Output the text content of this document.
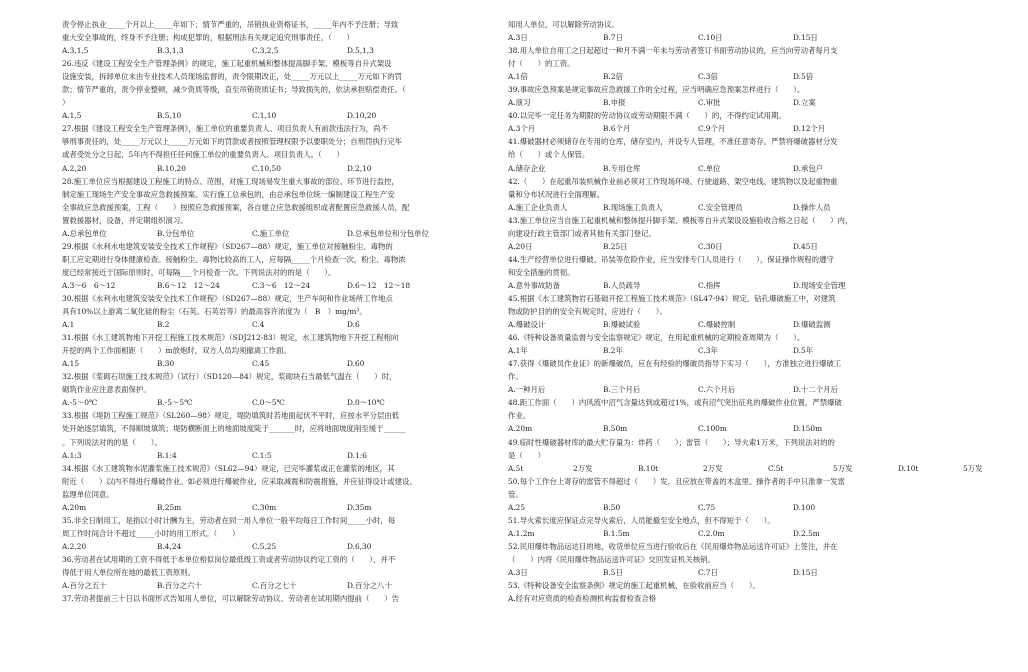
责令停止执业_____个月以上_____年如下；情节严重的，吊销执业资格证书，_____年内不予注册；导致
重大安全事故的，终身不予注册；构成犯罪的，根据刑法有关规定追究刑事责任。（　　）
A.3,1,5	B.3,1,3	C.3,2,5	D.5,1,3
26.违反《建设工程安全生产管理条例》的规定，施工起重机械和整体提高脚手架、模板等自升式架设
设施安装，拆卸单位未由专业技术人员现场监督的，责令限期改正，处_____万元以上_____万元如下的罚
款；情节严重的，责令停业整顿，减少资质等级，直至吊销资质证书；导致损失的，依法承担赔偿责任。（
）
A.1,5	B.5,10	C.1,10	D.10,20
27.根据《建设工程安全生产管理条例》，施工单位的重要负责人、项目负责人有前款违法行为，尚不
够刑事责任的，处_____万元以上_____万元如下的罚款或者按照管理权限予以要职处分；自刑罚执行完毕
或者受处分之日起，5年内不得担任任何施工单位的重要负责人、项目负责人。（　　）
A.2,20	B.10,20	C.10,50	D.2,10
28.施工单位应当根据建设工程施工的特点、范围，对施工现场易发生重大事故的部位、环节进行监控，
制定施工现场生产安全事故应急救援预案。实行施工总承包的，由总承包单位统一编制建设工程生产安
全事故应急救援预案，工程（　　）按照应急救援预案，各自建立应急救援组织或者配置应急救援人员，配
置救援器材，设备，并定期组织演习。
A.总承包单位	B.分包单位	C.施工单位	D.总承包单位和分包单位
29.根据《水利水电建筑安装安全技术工作规程》（SD267—88）规定，施工单位对接触粉尘、毒物的
职工应定期进行身体健康检查。接触粉尘、毒物比较高的工人，应每隔_____个月检查一次，粉尘、毒物浓
度已经常接近于国际原则时，可每隔___个月检查一次。下列说法对的的是（　　）。
A.3～6　6～12	B.6～12　12～24	C.3～6　12～24	D.6～12　12～18
30.根据《水利水电建筑安装安全技术工作规程》（SD267—88）规定，生产车间和作业场所工作地点
具有10%以上游离二氧化硅的粉尘（石英、石英岩等）的最高容许浓度为（　B　）mg/m³。
A.1	B.2	C.4	D.6
31.根据《水工建筑物地下开挖工程施工技术规范》（SDJ212-83）规定，水工建筑物地下开挖工程相向
开挖的两个工作面相距（　　）m放炮时，双方人员均须撤离工作面。
A.15	B.30	C.45	D.60
32.根据《浆砌石坝施工技术规范》（试行）（SD120—84）规定，浆砌块石当最低气温在（　　）时，
砌筑作业应注意表面保护。
A.-5～0℃	B.-5～5℃	C.0～5℃	D.0～10℃
33.根据《堤防工程施工规范》（SL260—98）规定，堤防填筑时若地面起伏不平时，应按水平分层由低
处开始逐层填筑，不得顺坡填筑；堤防横断面上的地面坡度陡于_______时，应将地面坡度削至缓于______
。下列说法对的的是（　　）。
A.1:3	B.1:4	C.1:5	D.1:6
34.根据《水工建筑物水泥灌浆施工技术规范》（SL62—94）规定，已完毕灌浆或正在灌浆的地区，其
附近（　　）以内不得进行爆破作业。如必须进行爆破作业，应采取减震和防震措施，并应征得设计或建设、
监理单位同意。
A.20m	B.25m	C.30m	D.35m
35.非全日制用工，是指以小时计酬为主，劳动者在同一用人单位一般平均每日工作时间_____小时，每
周工作时间合计不超过_____小时的用工形式。（　　）
A.2,20	B.4,24	C.5,25	D.6,30
36.劳动者在试用期的工资不得低于本单位相似岗位最低级工资或者劳动协议约定工资的（　　），并不
得低于用人单位所在地的最低工资原则。
A.百分之五十	B.百分之六十	C.百分之七十	D.百分之八十
37.劳动者提前三十日以书面形式告知用人单位，可以解除劳动协议。劳动者在试用期内提前（　　）告
知用人单位，可以解除劳动协议。
A.3日	B.7日	C.10日	D.15日
38.用人单位自用工之日起超过一种月不满一年未与劳动者签订书面劳动协议的，应当向劳动者每月支
付（　　）的工资。
A.1倍	B.2倍	C.3倍	D.5倍
39.事故应急预案是规定事故应急救援工作的全过程，应当明确应急预案怎样进行（　　）。
A.演习	B.申报	C.审批	D.立案
40.以完毕一定任务为期限的劳动协议或劳动期限不满（　　）的，不得约定试用期。
A.3个月	B.6个月	C.9个月	D.12个月
41.爆破器材必须储存在专用的仓库，储存室内，并设专人管理，不准任意寄存。严禁将爆破器材分发
给（　　）或个人保管。
A.储存企业	B.专用仓库	C.单位	D.承包户
42.（　　）在起重吊装机械作业前必须对工作现场环境、行驶道路、架空电线、建筑物以及起重物重
量和分布状况进行全面理解。
A.施工企业负责人	B.现场施工负责人	C.安全管理员	D.操作人员
43.施工单位应当自施工起重机械和整体提升脚手架、模板等自升式架设设施验收合格之日起（　　）内，
向建设行政主管部门或者其他有关部门登记。
A.20日	B.25日	C.30日	D.45日
44.生产经营单位进行爆破、吊装等危险作业，应当安排专门人员进行（　　），保证操作规程的遵守
和安全措施的贯彻。
A.意外事故防备	B.人员疏导	C.指挥	D.现场安全管理
45.根据《水工建筑物岩石基础开挖工程施工技术规范》（SL47-94）规定，钻孔爆破施工中，对建筑
物或防护目的的安全有规定时，应进行（　　）。
A.爆破设计	B.爆破试验	C.爆破控制	D.爆破监测
46.《特种设备质量监督与安全监察规定》规定，在用起重机械的定期检查周期为（　　）。
A.1年	B.2年	C.3年	D.5年
47.获得《爆破员作业证》的新爆破员，应在有经验的爆破员指导下实习（　　），方准独立进行爆破工
作。
A.一种月后	B.三个月后	C.六个月后	D.十二个月后
48.距工作面（　　）内风流中沼气含量达到或超过1%，或有沼气突出征兆的爆破作业位置，严禁爆破
作业。
A.20m	B.50m	C.100m	D.150m
49.临时性爆破器材库的最大贮存量为：炸药（　　）；雷管（　　）；导火索1万米，下列说法对的的
是（　　）
A.5t	2万发	B.10t	2万发	C.5t	5万发	D.10t	5万发
50.每个工作台上寄存的雷管不得超过（　　）发，且应放在带盖的木盒里。操作者的手中只准拿一发雷
管。
A.25	B.50	C.75	D.100
51.导火索长度应保证点完导火索后，人员能撤至安全地点，但不得短于（　　）。
A.1.2m	B.1.5m	C.2.0m	D.2.5m
52.民用爆炸物品运达目的地，收货单位应当进行验收后在《民用爆炸物品运送许可证》上签注，并在
（　　）内将《民用爆炸物品运送许可证》交回发证机关核销。
A.3日	B.5日	C.7日	D.15日
53.《特种设备安全监察条例》规定的施工起重机械，在验收前应当（　　）。
A.经有对应资质的检查检测机构监督检查合格
